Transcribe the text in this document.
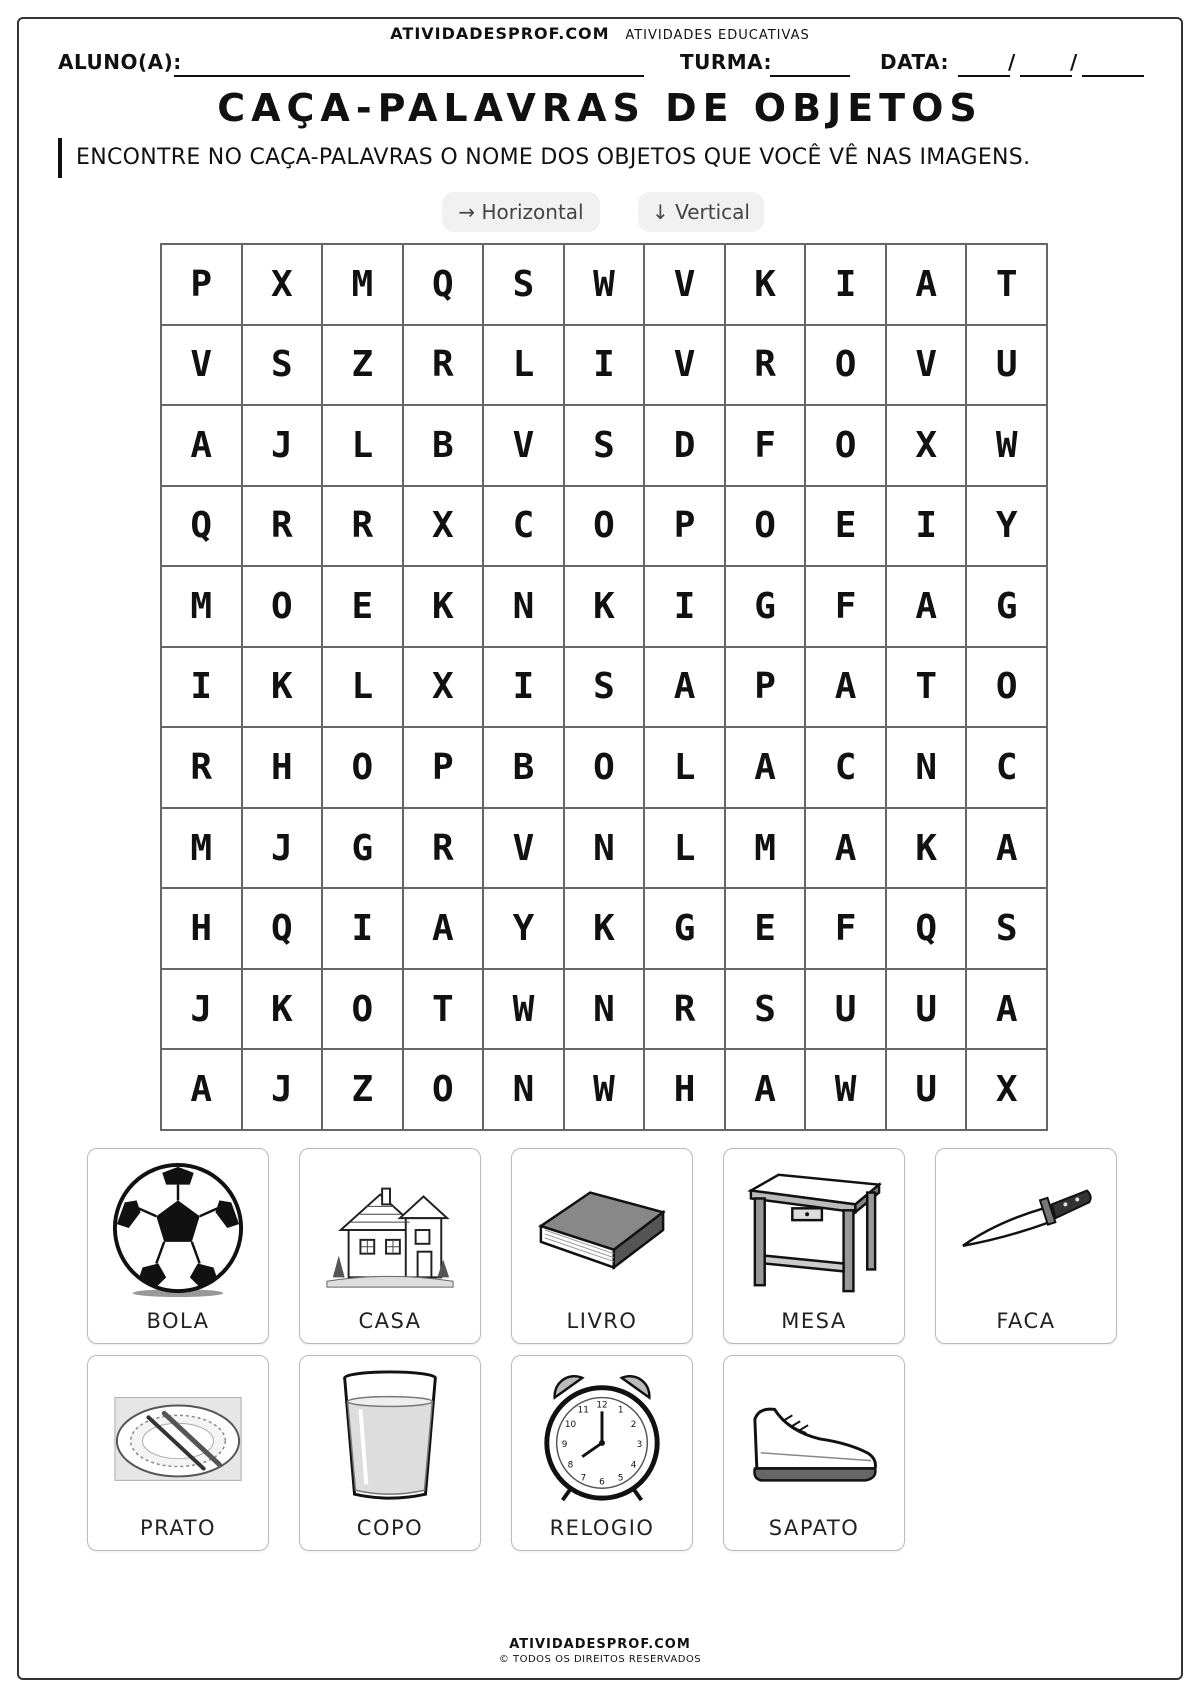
ATIVIDADESPROF.COM ATIVIDADES EDUCATIVAS
ALUNO(A):	TURMA:	DATA:	/	/
CAÇA-PALAVRAS DE OBJETOS
ENCONTRE NO CAÇA-PALAVRAS O NOME DOS OBJETOS QUE VOCÊ VÊ NAS IMAGENS.
→ Horizontal	↓ Vertical
P	X	M	Q	S	W	V	K	I	A	T
V	S	Z	R	L	I	V	R	O	V	U
A	J	L	B	V	S	D	F	O	X	W
Q	R	R	X	C	O	P	O	E	I	Y
M	O	E	K	N	K	I	G	F	A	G
I	K	L	X	I	S	A	P	A	T	O
R	H	O	P	B	O	L	A	C	N	C
M	J	G	R	V	N	L	M	A	K	A
H	Q	I	A	Y	K	G	E	F	Q	S
J	K	O	T	W	N	R	S	U	U	A
A	J	Z	O	N	W	H	A	W	U	X
BOLA	CASA	LIVRO	MESA	FACA
PRATO	COPO
12
3
6
9
1
2
4
5
7
8
10
11
RELOGIO	SAPATO
ATIVIDADESPROF.COM
© TODOS OS DIREITOS RESERVADOS
